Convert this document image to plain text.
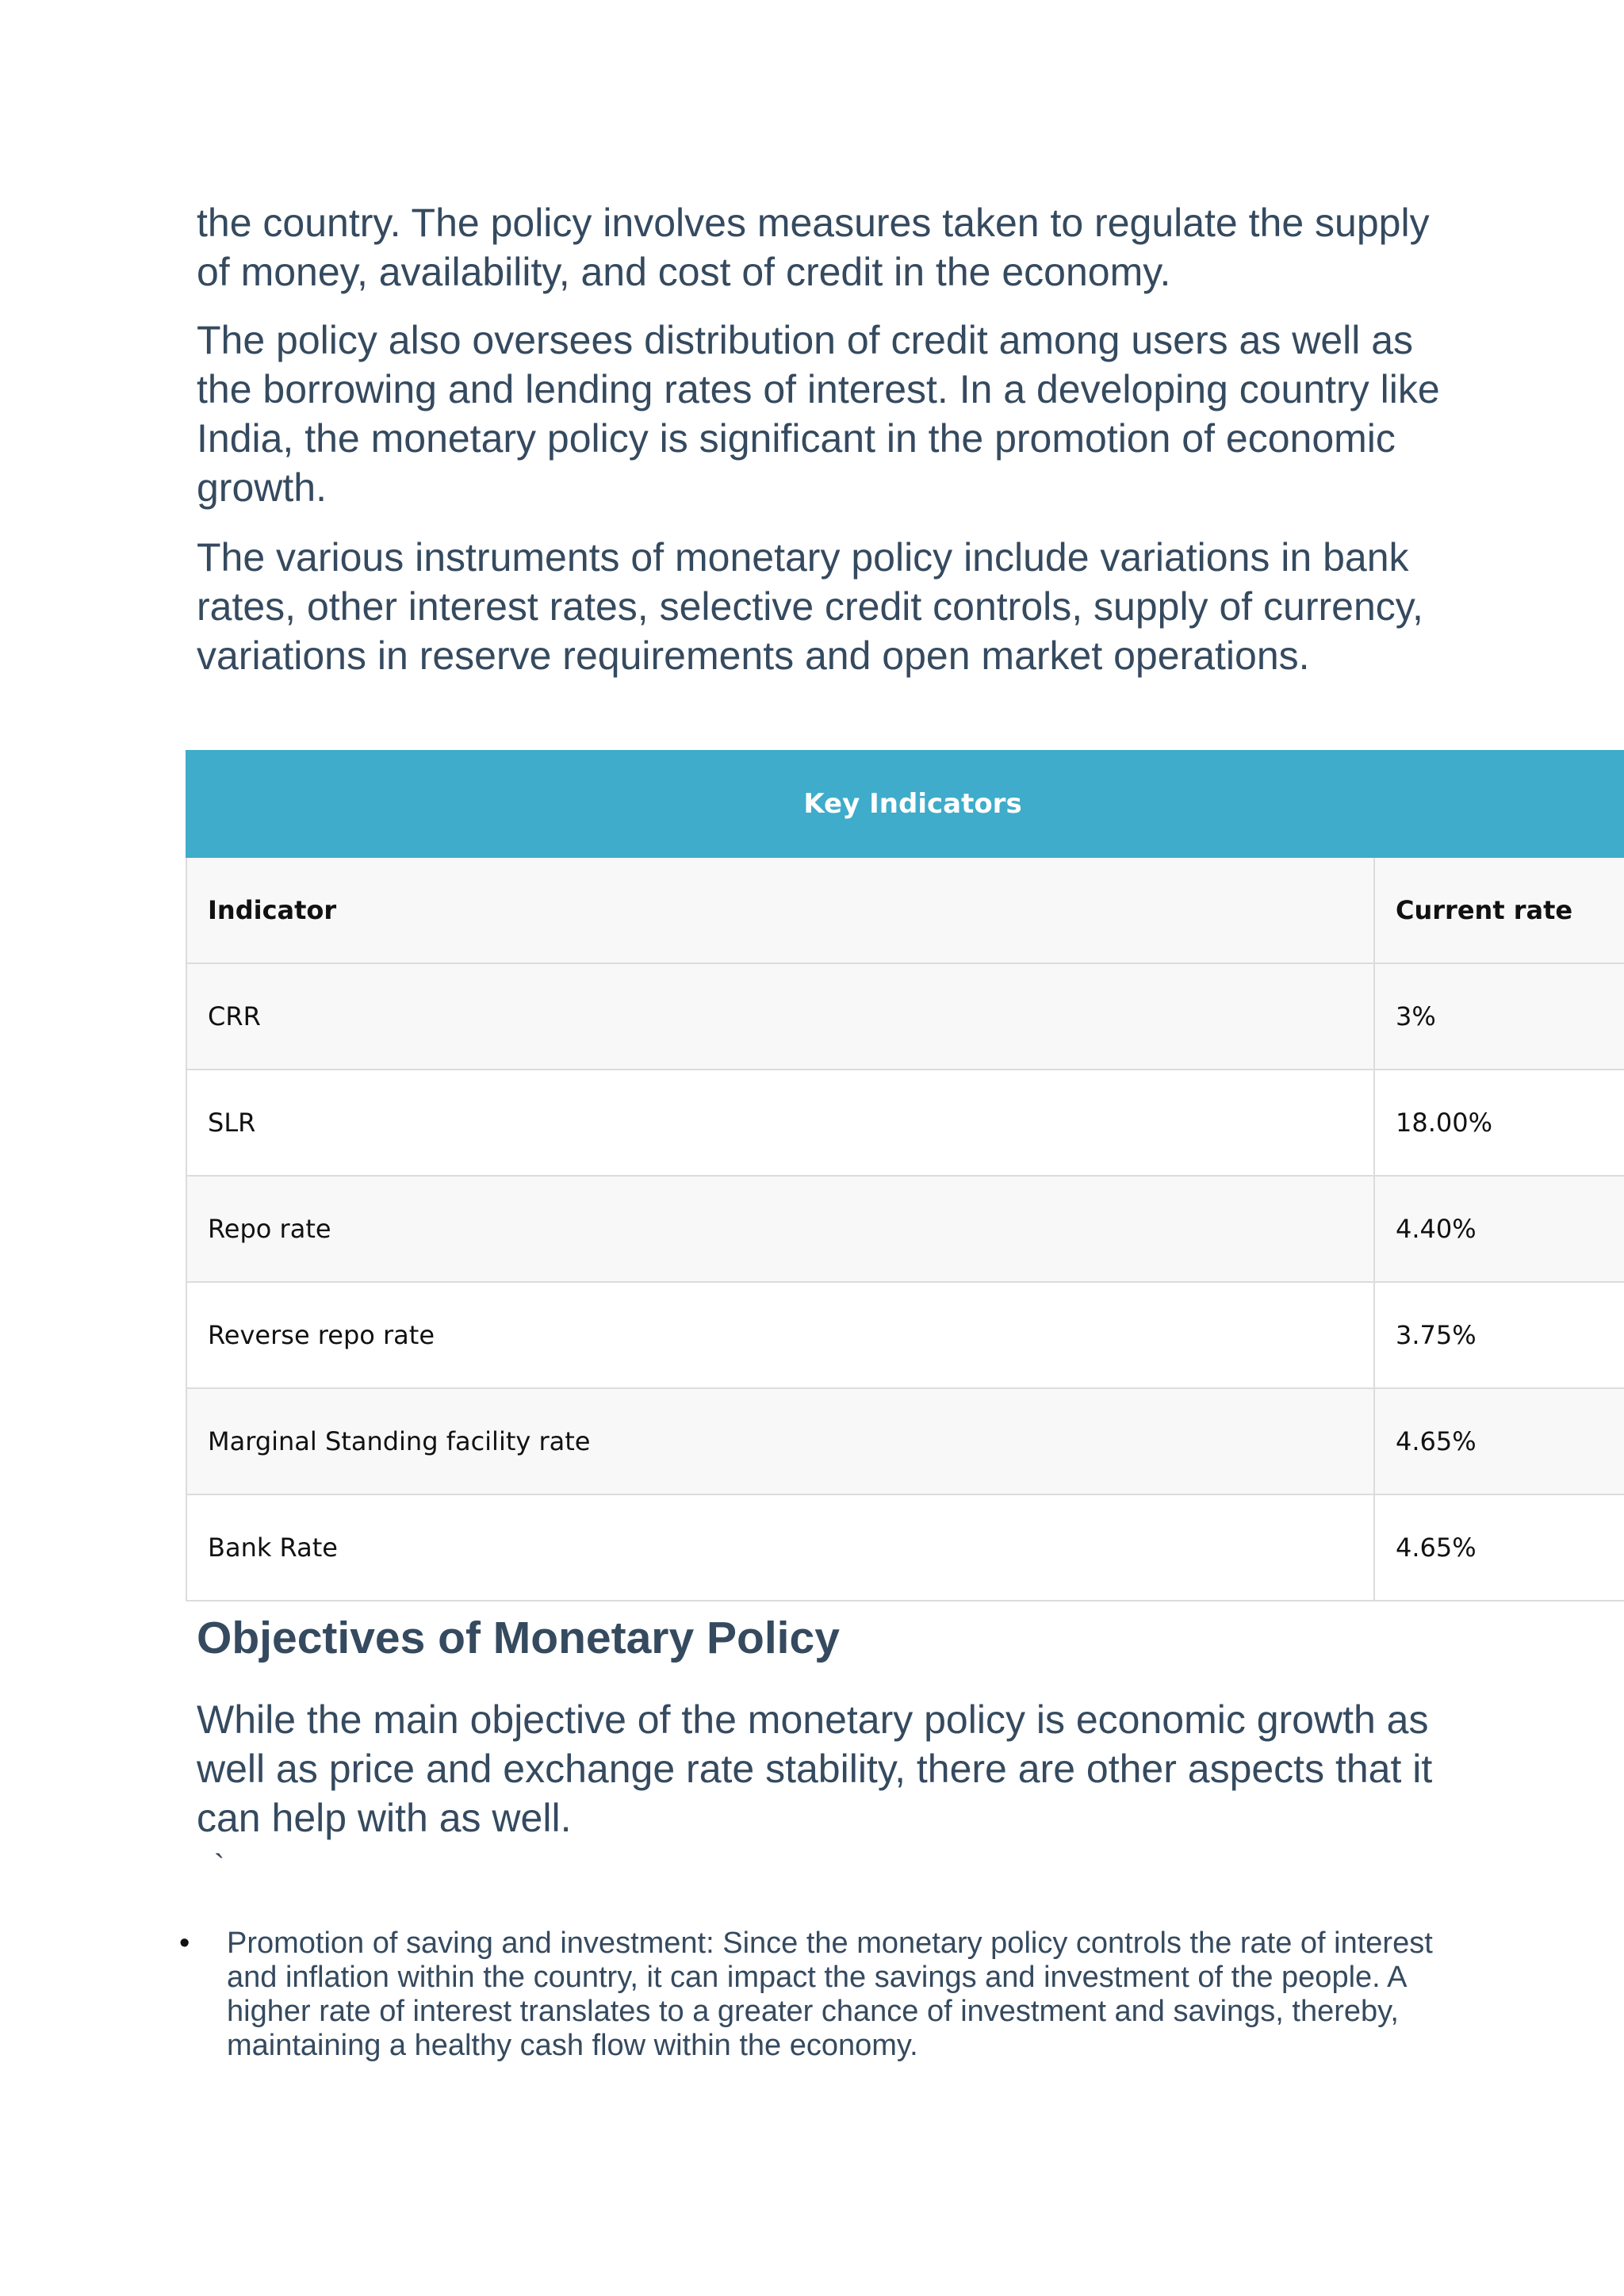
the country. The policy involves measures taken to regulate the supply of money, availability, and cost of credit in the economy.

The policy also oversees distribution of credit among users as well as the borrowing and lending rates of interest. In a developing country like India, the monetary policy is significant in the promotion of economic growth.

The various instruments of monetary policy include variations in bank rates, other interest rates, selective credit controls, supply of currency, variations in reserve requirements and open market operations.

Key Indicators	
Indicator	Current rate
CRR	3%
SLR	18.00%
Repo rate	4.40%
Reverse repo rate	3.75%
Marginal Standing facility rate	4.65%
Bank Rate	4.65%
Objectives of Monetary Policy

While the main objective of the monetary policy is economic growth as well as price and exchange rate stability, there are other aspects that it can help with as well.

`

• Promotion of saving and investment: Since the monetary policy controls the rate of interest and inflation within the country, it can impact the savings and investment of the people. A higher rate of interest translates to a greater chance of investment and savings, thereby, maintaining a healthy cash flow within the economy.
